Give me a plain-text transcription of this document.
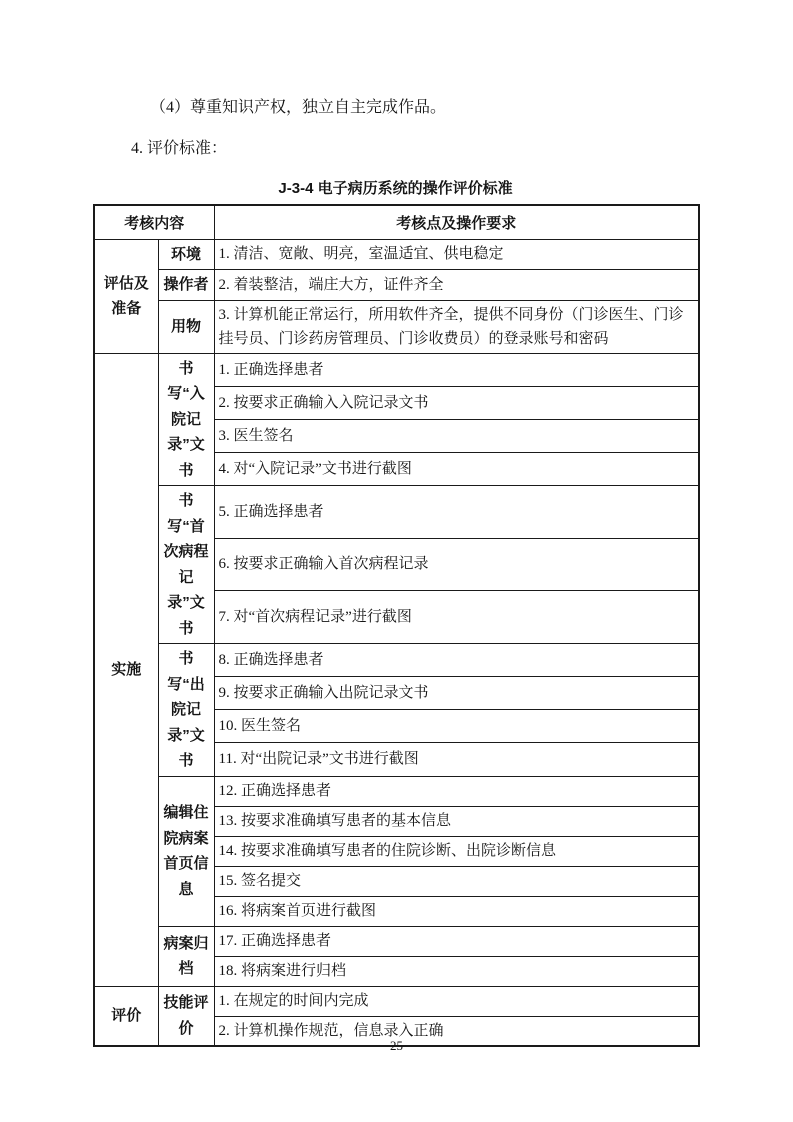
（4）尊重知识产权，独立自主完成作品。

4. 评价标准：

J-3-4 电子病历系统的操作评价标准
考核内容		考核点及操作要求
评估及准备	环境	1. 清洁、宽敞、明亮，室温适宜、供电稳定
	操作者	2. 着装整洁，端庄大方，证件齐全
	用物	3. 计算机能正常运行，所用软件齐全，提供不同身份（门诊医生、门诊挂号员、门诊药房管理员、门诊收费员）的登录账号和密码
实施	书写“入院记录”文书	1. 正确选择患者
		2. 按要求正确输入入院记录文书
		3. 医生签名
		4. 对“入院记录”文书进行截图
	书写“首次病程记录”文书	5. 正确选择患者
		6. 按要求正确输入首次病程记录
		7. 对“首次病程记录”进行截图
	书写“出院记录”文书	8. 正确选择患者
		9. 按要求正确输入出院记录文书
		10. 医生签名
		11. 对“出院记录”文书进行截图
	编辑住院病案首页信息	12. 正确选择患者
		13. 按要求准确填写患者的基本信息
		14. 按要求准确填写患者的住院诊断、出院诊断信息
		15. 签名提交
		16. 将病案首页进行截图
	病案归档	17. 正确选择患者
		18. 将病案进行归档
评价	技能评价	1. 在规定的时间内完成
		2. 计算机操作规范，信息录入正确
25
